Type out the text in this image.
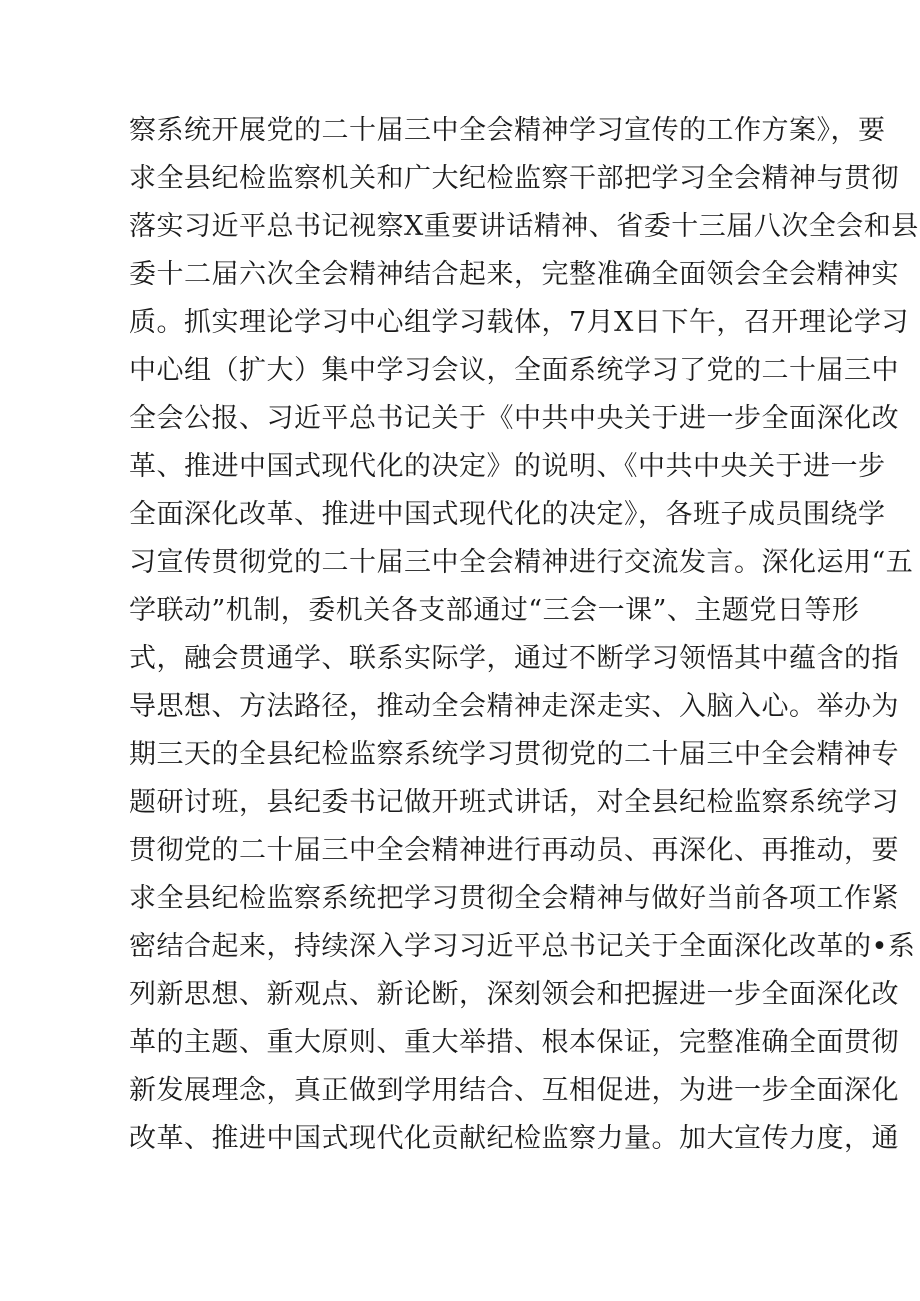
察系统开展党的二十届三中全会精神学习宣传的工作方案》，要
求全县纪检监察机关和广大纪检监察干部把学习全会精神与贯彻
落实习近平总书记视察X重要讲话精神、省委十三届八次全会和县
委十二届六次全会精神结合起来，完整准确全面领会全会精神实
质。抓实理论学习中心组学习载体，7月X日下午，召开理论学习
中心组（扩大）集中学习会议，全面系统学习了党的二十届三中
全会公报、习近平总书记关于《中共中央关于进一步全面深化改
革、推进中国式现代化的决定》的说明、《中共中央关于进一步
全面深化改革、推进中国式现代化的决定》，各班子成员围绕学
习宣传贯彻党的二十届三中全会精神进行交流发言。深化运用“五
学联动”机制，委机关各支部通过“三会一课”、主题党日等形
式，融会贯通学、联系实际学，通过不断学习领悟其中蕴含的指
导思想、方法路径，推动全会精神走深走实、入脑入心。举办为
期三天的全县纪检监察系统学习贯彻党的二十届三中全会精神专
题研讨班，县纪委书记做开班式讲话，对全县纪检监察系统学习
贯彻党的二十届三中全会精神进行再动员、再深化、再推动，要
求全县纪检监察系统把学习贯彻全会精神与做好当前各项工作紧
密结合起来，持续深入学习习近平总书记关于全面深化改革的•系
列新思想、新观点、新论断，深刻领会和把握进一步全面深化改
革的主题、重大原则、重大举措、根本保证，完整准确全面贯彻
新发展理念，真正做到学用结合、互相促进，为进一步全面深化
改革、推进中国式现代化贡献纪检监察力量。加大宣传力度，通
